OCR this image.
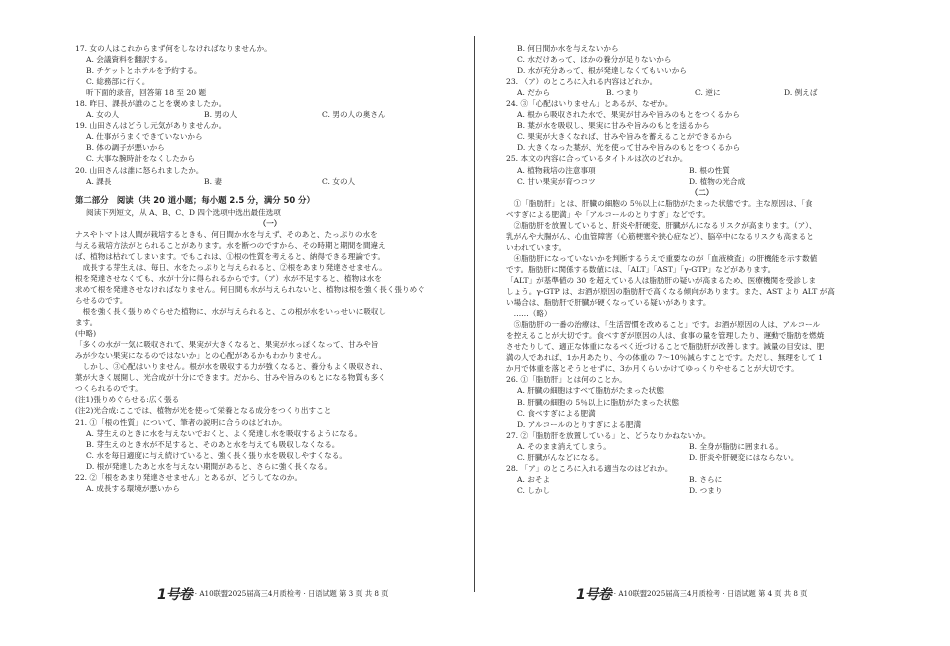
17. 女の人はこれからまず何をしなければなりませんか。
A. 会議資料を翻訳する。
B. チケットとホテルを予約する。
C. 総務部に行く。
听下面的录音，回答第 18 至 20 题
18. 昨日、課長が誰のことを褒めましたか。
A. 女の人	B. 男の人	C. 男の人の奥さん
19. 山田さんはどうし元気がありませんか。
A. 仕事がうまくできていないから
B. 体の調子が悪いから
C. 大事な腕時計をなくしたから
20. 山田さんは誰に怒られましたか。
A. 課長	B. 妻	C. 女の人
第二部分　阅读（共 20 道小题；每小题 2.5 分，满分 50 分）
阅读下列短文，从 A、B、C、D 四个选项中选出最佳选项
（一）
ナスやトマトは人間が栽培するときも、何日間か水を与えず、そのあと、たっぷりの水を
与える栽培方法がとられることがあります。水を断つのですから、その時期と期間を間違え
ば、植物は枯れてしまいます。でもこれは、①根の性質を考えると、納得できる理論です。
　成長する芽生えは、毎日、水をたっぷりと与えられると、②根をあまり発達させません。
根を発達させなくても、水が十分に得られるからです。（ア）水が不足すると、植物は水を
求めて根を発達させなければなりません。何日間も水が与えられないと、植物は根を強く長く張りめぐ
らせるのです。
　根を強く長く張りめぐらせた植物に、水が与えられると、この根が水をいっせいに吸収し
ます。
(中略)
「多くの水が一気に吸収されて、果実が大きくなると、果実が水っぽくなって、甘みや旨
みが少ない果実になるのではないか」との心配があるかもわかりません。
　しかし、③心配はいりません。根が水を吸収する力が強くなると、養分もよく吸収され、
葉が大きく展開し、光合成が十分にできます。だから、甘みや旨みのもとになる物質も多く
つくられるのです。
(注1)張りめぐらせる:広く張る
(注2)光合成:ここでは、植物が光を使って栄養となる成分をつくり出すこと
21. ①「根の性質」について、筆者の説明に合うのはどれか。
A. 芽生えのときに水を与えないでおくと、よく発達し水を吸収するようになる。
B. 芽生えのとき水が不足すると、そのあと水を与えても吸収しなくなる。
C. 水を毎日適度に与え続けていると、強く長く張り水を吸収しやすくなる。
D. 根が発達したあと水を与えない期間があると、さらに強く長くなる。
22. ②「根をあまり発達させません」とあるが、どうしてなのか。
A. 成長する環境が悪いから
1号卷 · A10联盟2025届高三4月质检考 · 日语试题 第 3 页 共 8 页
B. 何日間か水を与えないから
C. 水だけあって、ほかの養分が足りないから
D. 水が充分あって、根が発達しなくてもいいから
23. （ア）のところに入れる内容はどれか。
A. だから	B. つまり	C. 逆に	D. 例えば
24. ③「心配はいりません」とあるが、なぜか。
A. 根から吸収された水で、果実が甘みや旨みのもとをつくるから
B. 葉が水を吸収し、果実に甘みや旨みのもとを送るから
C. 果実が大きくなれば、甘みや旨みを蓄えることができるから
D. 大きくなった葉が、光を使って甘みや旨みのもとをつくるから
25. 本文の内容に合っているタイトルは次のどれか。
A. 植物栽培の注意事項	B. 根の性質
C. 甘い果実が育つコツ	D. 植物の光合成
（二）
　①「脂肪肝」とは、肝臓の細胞の 5％以上に脂肪がたまった状態です。主な原因は、「食
べすぎによる肥満」や「アルコールのとりすぎ」などです。
　②脂肪肝を放置していると、肝炎や肝硬変、肝臓がんになるリスクが高まります。（ア）、
乳がんや大腸がん、心血管障害（心筋梗塞や狭心症など）、脳卒中になるリスクも高まると
いわれています。
　④脂肪肝になっていないかを判断するうえで重要なのが「血液検査」の肝機能を示す数値
です。脂肪肝に関係する数値には、「ALT」「AST」「γ-GTP」などがあります。
「ALT」が基準値の 30 を超えている人は脂肪肝の疑いが高まるため、医療機関を受診しま
しょう。γ-GTP は、お酒が原因の脂肪肝で高くなる傾向があります。また、AST より ALT が高
い場合は、脂肪肝で肝臓が硬くなっている疑いがあります。
　……（略）
　⑤脂肪肝の一番の治療は、「生活習慣を改めること」です。お酒が原因の人は、アルコール
を控えることが大切です。食べすぎが原因の人は、食事の量を管理したり、運動で脂肪を燃焼
させたりして、適正な体重になるべく近づけることで脂肪肝が改善します。減量の目安は、肥
満の人であれば、1か月あたり、今の体重の 7～10％減らすことです。ただし、無理をして 1
か月で体重を落とそうとせずに、3か月くらいかけてゆっくりやせることが大切です。
26. ①「脂肪肝」とは何のことか。
A. 肝臓の細胞はすべて脂肪がたまった状態
B. 肝臓の細胞の 5％以上に脂肪がたまった状態
C. 食べすぎによる肥満
D. アルコールのとりすぎによる肥満
27. ②「脂肪肝を放置している」と、どうなりかねないか。
A. そのまま消えてしまう。	B. 全身が脂肪に囲まれる。
C. 肝臓がんなどになる。	D. 肝炎や肝硬変にはならない。
28. 「ア」のところに入れる適当なのはどれか。
A. おそよ	B. さらに
C. しかし	D. つまり
1号卷 · A10联盟2025届高三4月质检考 · 日语试题 第 4 页 共 8 页
